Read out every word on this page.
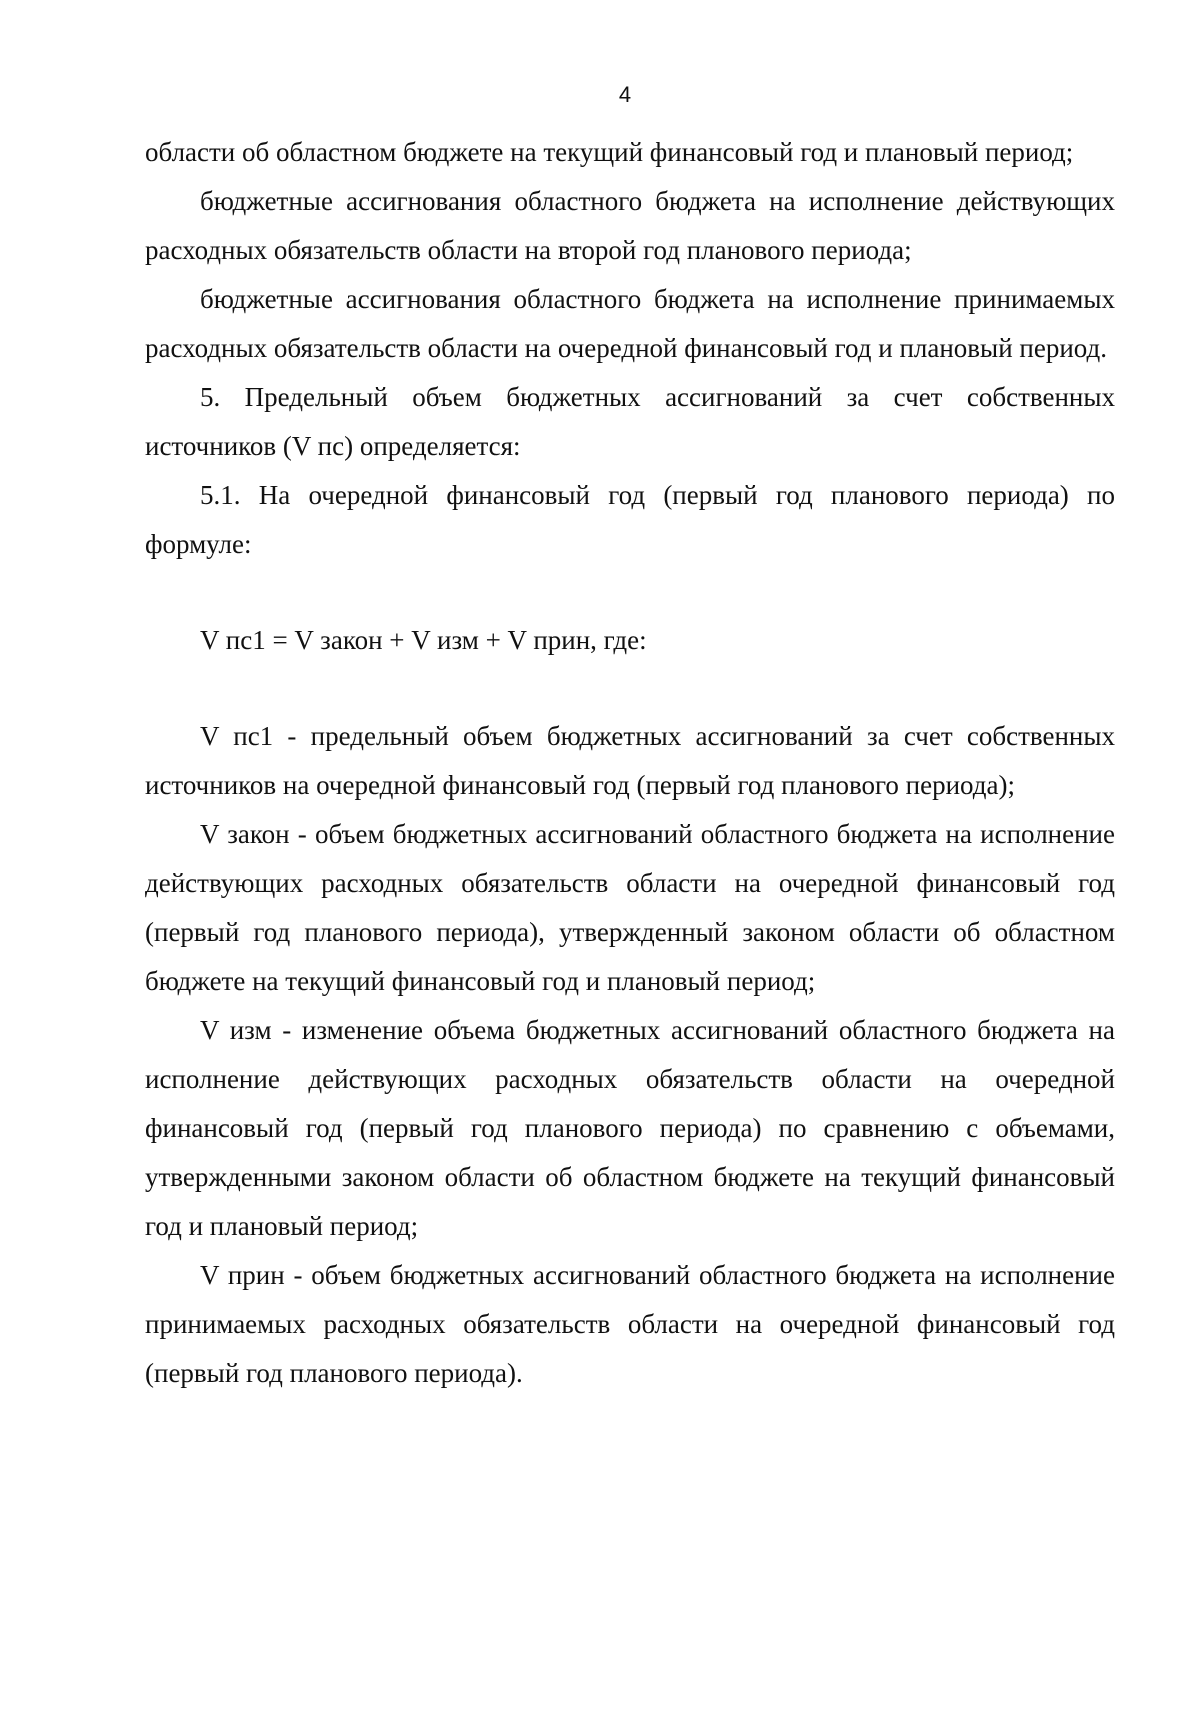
4

области об областном бюджете на текущий финансовый год и плановый период;

бюджетные ассигнования областного бюджета на исполнение действующих расходных обязательств области на второй год планового периода;

бюджетные ассигнования областного бюджета на исполнение принимаемых расходных обязательств области на очередной финансовый год и плановый период.

5. Предельный объем бюджетных ассигнований за счет собственных источников (V пс) определяется:

5.1. На очередной финансовый год (первый год планового периода) по формуле:

V пс1 = V закон + V изм + V прин, где:

V пс1 - предельный объем бюджетных ассигнований за счет собственных источников на очередной финансовый год (первый год планового периода);

V закон - объем бюджетных ассигнований областного бюджета на исполнение действующих расходных обязательств области на очередной финансовый год (первый год планового периода), утвержденный законом области об областном бюджете на текущий финансовый год и плановый период;

V изм - изменение объема бюджетных ассигнований областного бюджета на исполнение действующих расходных обязательств области на очередной финансовый год (первый год планового периода) по сравнению с объемами, утвержденными законом области об областном бюджете на текущий финансовый год и плановый период;

V прин - объем бюджетных ассигнований областного бюджета на исполнение принимаемых расходных обязательств области на очередной финансовый год (первый год планового периода).
